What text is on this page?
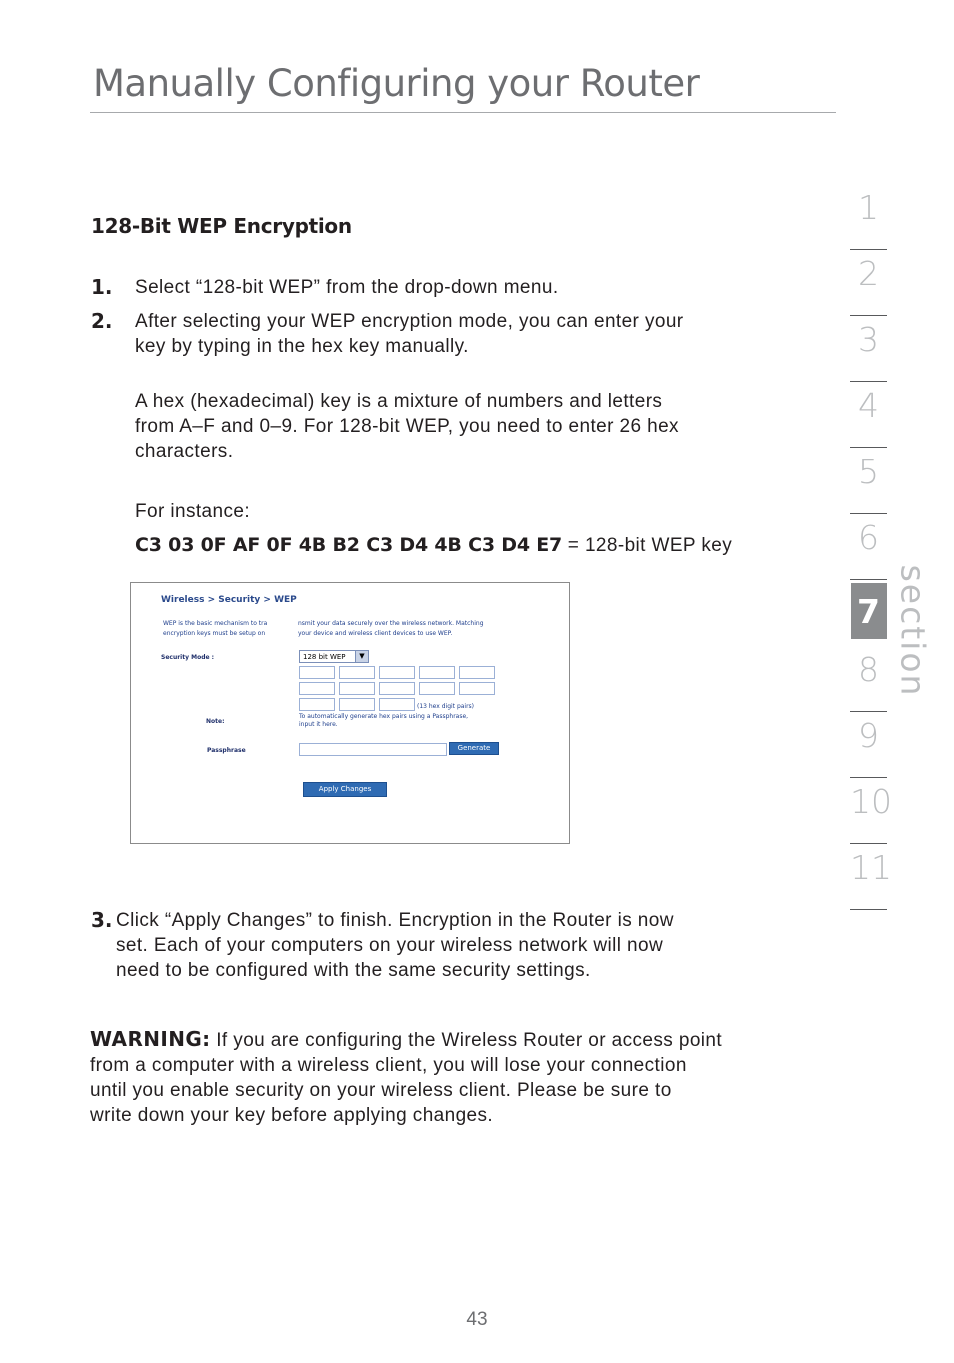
Manually Configuring your Router
128-Bit WEP Encryption
1. Select “128-bit WEP” from the drop-down menu.
2. After selecting your WEP encryption mode, you can enter your
key by typing in the hex key manually.
A hex (hexadecimal) key is a mixture of numbers and letters
from A–F and 0–9. For 128-bit WEP, you need to enter 26 hex
characters.
For instance:
C3 03 0F AF 0F 4B B2 C3 D4 4B C3 D4 E7 = 128-bit WEP key
Wireless > Security > WEP
WEP is the basic mechanism to tra
encryption keys must be setup on
nsmit your data securely over the wireless network. Matching
your device and wireless client devices to use WEP.
Security Mode :	128 bit WEP	▼
(13 hex digit pairs)
Note:
To automatically generate hex pairs using a Passphrase,
input it here.
Passphrase	Generate
Apply Changes
3. Click “Apply Changes” to finish. Encryption in the Router is now
set. Each of your computers on your wireless network will now
need to be configured with the same security settings.
WARNING: If you are configuring the Wireless Router or access point
from a computer with a wireless client, you will lose your connection
until you enable security on your wireless client. Please be sure to
write down your key before applying changes.
1
2
3
4
5
6
7
8
9
10
11
section
43
